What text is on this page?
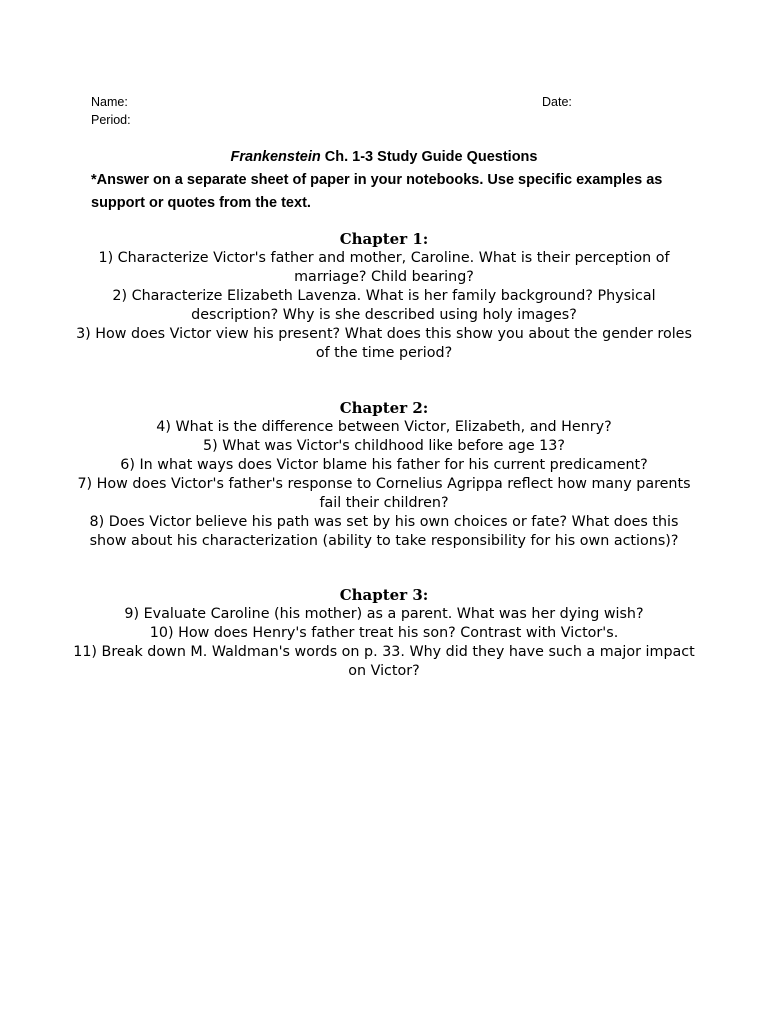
Name:
Period:
Date:
Frankenstein Ch. 1-3 Study Guide Questions
*Answer on a separate sheet of paper in your notebooks. Use specific examples as support or quotes from the text.
Chapter 1:

1) Characterize Victor's father and mother, Caroline. What is their perception of marriage? Child bearing?

2) Characterize Elizabeth Lavenza. What is her family background? Physical description? Why is she described using holy images?

3) How does Victor view his present? What does this show you about the gender roles of the time period?

Chapter 2:

4) What is the difference between Victor, Elizabeth, and Henry?

5) What was Victor's childhood like before age 13?

6) In what ways does Victor blame his father for his current predicament?

7) How does Victor's father's response to Cornelius Agrippa reflect how many parents fail their children?

8) Does Victor believe his path was set by his own choices or fate? What does this show about his characterization (ability to take responsibility for his own actions)?

Chapter 3:

9) Evaluate Caroline (his mother) as a parent. What was her dying wish?

10) How does Henry's father treat his son? Contrast with Victor's.

11) Break down M. Waldman's words on p. 33. Why did they have such a major impact on Victor?
